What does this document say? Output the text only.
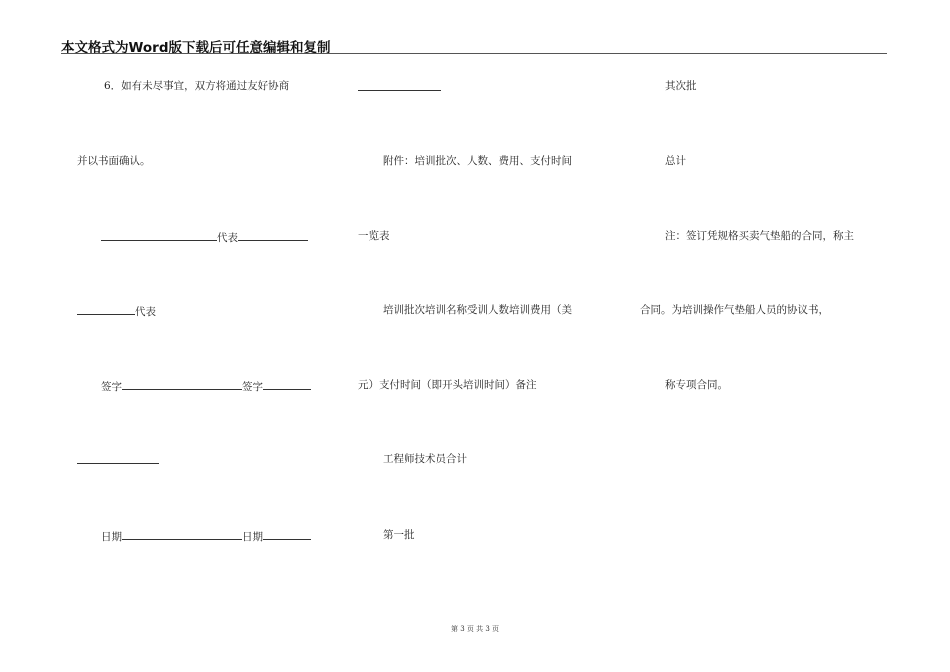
本文格式为Word版下载后可任意编辑和复制
6．如有未尽事宜，双方将通过友好协商
并以书面确认。
代表
代表
签字	签字
日期	日期
附件：培训批次、人数、费用、支付时间
一览表
培训批次培训名称受训人数培训费用（美
元）支付时间（即开头培训时间）备注
工程师技术员合计
第一批
其次批
总计
注：签订凭规格买卖气垫船的合同，称主
合同。为培训操作气垫船人员的协议书，
称专项合同。
第 3 页 共 3 页
